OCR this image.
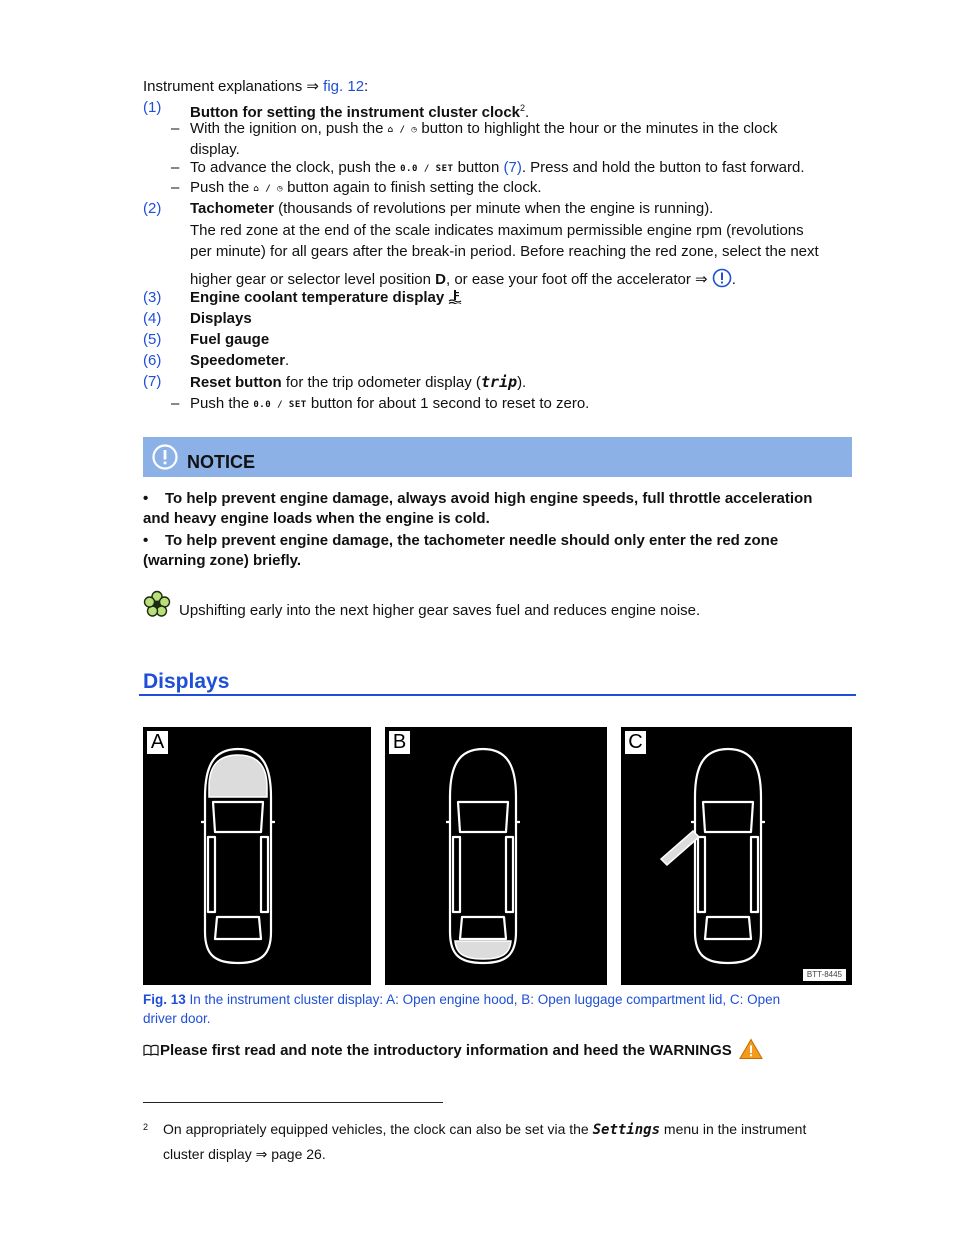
Instrument explanations ⇒ fig. 12:
(1)	Button for setting the instrument cluster clock$^2$.
– With the ignition on, push the ⌂ / ◷ button to highlight the hour or the minutes in the clock
display.
– To advance the clock, push the 0.0 / SET button (7). Press and hold the button to fast forward.
– Push the ⌂ / ◷ button again to finish setting the clock.
(2)	Tachometer (thousands of revolutions per minute when the engine is running).
The red zone at the end of the scale indicates maximum permissible engine rpm (revolutions
per minute) for all gears after the break-in period. Before reaching the red zone, select the next
higher gear or selector level position D, or ease your foot off the accelerator ⇒ .
(3)	Engine coolant temperature display
(4)	Displays
(5)	Fuel gauge
(6)	Speedometer.
(7)	Reset button for the trip odometer display (trip).
– Push the 0.0 / SET button for about 1 second to reset to zero.
NOTICE
•	To help prevent engine damage, always avoid high engine speeds, full throttle acceleration
and heavy engine loads when the engine is cold.
•	To help prevent engine damage, the tachometer needle should only enter the red zone
(warning zone) briefly.
Upshifting early into the next higher gear saves fuel and reduces engine noise.
Displays
A	B	C
BTT-8445
Fig. 13 In the instrument cluster display: A: Open engine hood, B: Open luggage compartment lid, C: Open
driver door.
Please first read and note the introductory information and heed the WARNINGS
2 On appropriately equipped vehicles, the clock can also be set via the Settings menu in the instrument
cluster display ⇒ page 26.
